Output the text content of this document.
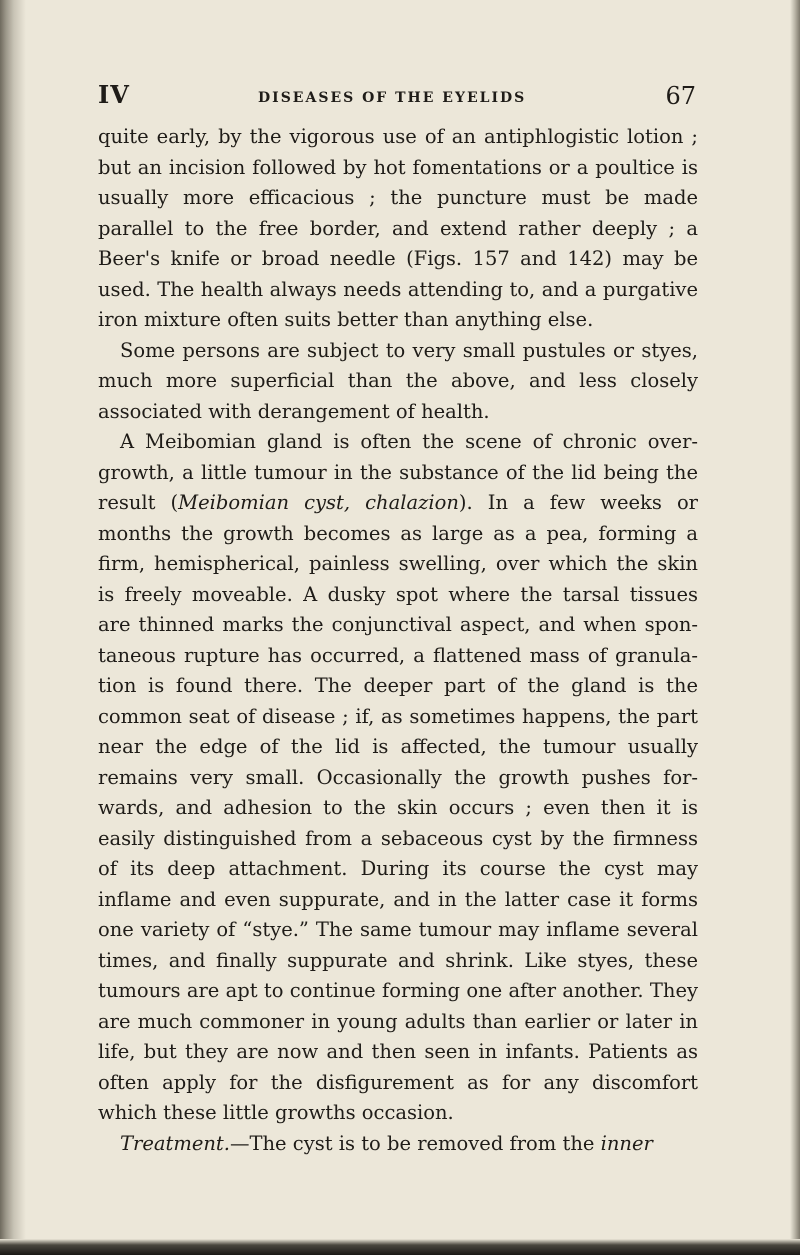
IV	DISEASES OF THE EYELIDS	67

quite early, by the vigorous use of an antiphlogistic lotion ; but an incision followed by hot fomentations or a poultice is usually more efficacious ; the puncture must be made parallel to the free border, and extend rather deeply ; a Beer's knife or broad needle (Figs. 157 and 142) may be used. The health always needs attending to, and a purgative iron mixture often suits better than anything else.

Some persons are subject to very small pustules or styes, much more superficial than the above, and less closely associated with derangement of health.

A Meibomian gland is often the scene of chronic over-growth, a little tumour in the substance of the lid being the result (Meibomian cyst, chalazion). In a few weeks or months the growth becomes as large as a pea, forming a firm, hemispherical, painless swelling, over which the skin is freely moveable. A dusky spot where the tarsal tissues are thinned marks the conjunctival aspect, and when spon-taneous rupture has occurred, a flattened mass of granula-tion is found there. The deeper part of the gland is the common seat of disease ; if, as sometimes happens, the part near the edge of the lid is affected, the tumour usually remains very small. Occasionally the growth pushes for-wards, and adhesion to the skin occurs ; even then it is easily distinguished from a sebaceous cyst by the firmness of its deep attachment. During its course the cyst may inflame and even suppurate, and in the latter case it forms one variety of “stye.” The same tumour may inflame several times, and finally suppurate and shrink. Like styes, these tumours are apt to continue forming one after another. They are much commoner in young adults than earlier or later in life, but they are now and then seen in infants. Patients as often apply for the disfigurement as for any discomfort which these little growths occasion.

Treatment.—The cyst is to be removed from the inner
